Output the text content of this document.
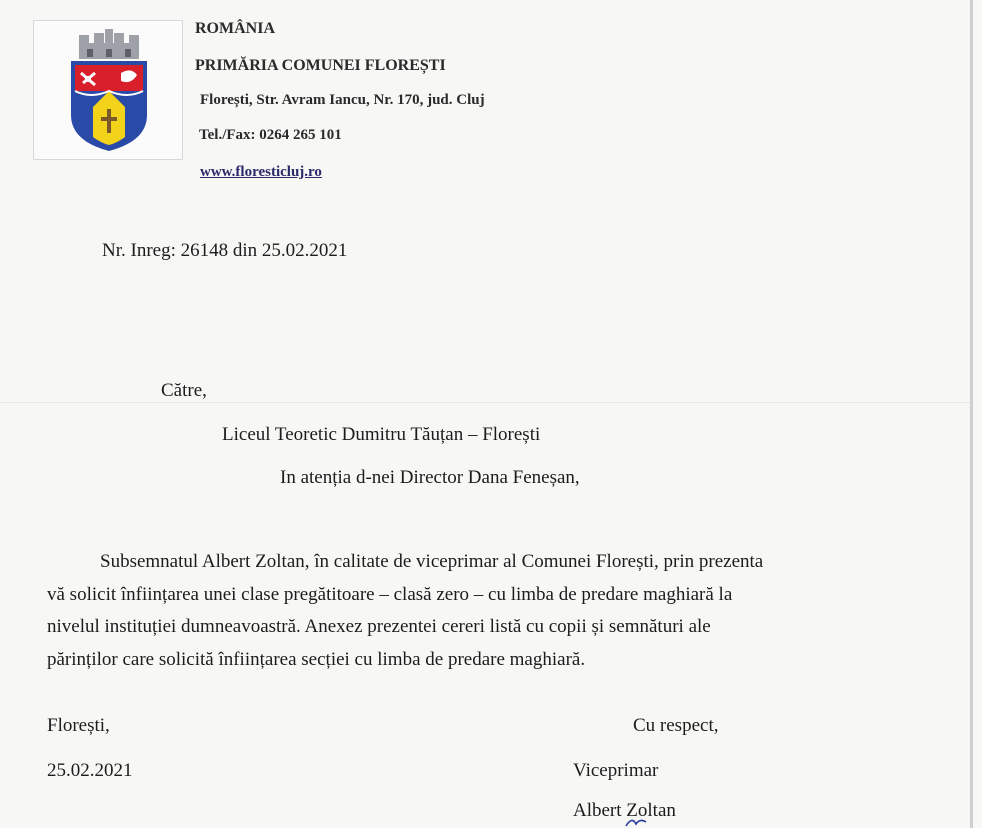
ROMÂNIA
PRIMĂRIA COMUNEI FLOREȘTI
Florești, Str. Avram Iancu, Nr. 170, jud. Cluj
Tel./Fax: 0264 265 101
www.floresticluj.ro
Nr. Inreg: 26148 din 25.02.2021
Către,
Liceul Teoretic Dumitru Tăuțan – Florești
In atenția d-nei Director Dana Feneșan,
Subsemnatul Albert Zoltan, în calitate de viceprimar al Comunei Florești, prin prezenta
vă solicit înființarea unei clase pregătitoare – clasă zero – cu limba de predare maghiară la
nivelul instituției dumneavoastră. Anexez prezentei cereri listă cu copii și semnături ale
părinților care solicită înființarea secției cu limba de predare maghiară.
Florești,
25.02.2021
Cu respect,
Viceprimar
Albert Zoltan
